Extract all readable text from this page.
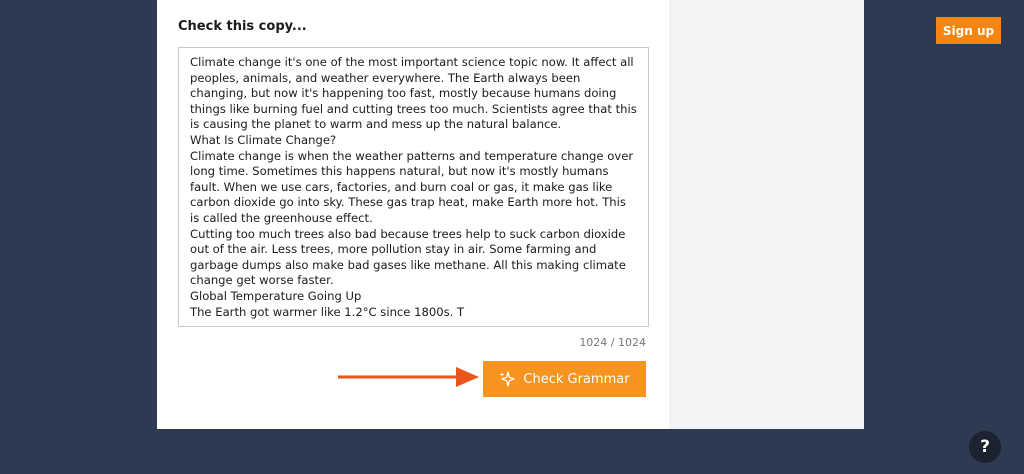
Check this copy...
Climate change it's one of the most important science topic now. It affect all peoples, animals, and weather everywhere. The Earth always been changing, but now it's happening too fast, mostly because humans doing things like burning fuel and cutting trees too much. Scientists agree that this is causing the planet to warm and mess up the natural balance.
What Is Climate Change?
Climate change is when the weather patterns and temperature change over long time. Sometimes this happens natural, but now it's mostly humans fault. When we use cars, factories, and burn coal or gas, it make gas like carbon dioxide go into sky. These gas trap heat, make Earth more hot. This is called the greenhouse effect.
Cutting too much trees also bad because trees help to suck carbon dioxide out of the air. Less trees, more pollution stay in air. Some farming and garbage dumps also make bad gases like methane. All this making climate change get worse faster.
Global Temperature Going Up
The Earth got warmer like 1.2°C since 1800s. T
1024 / 1024
Check Grammar
Sign up
?
